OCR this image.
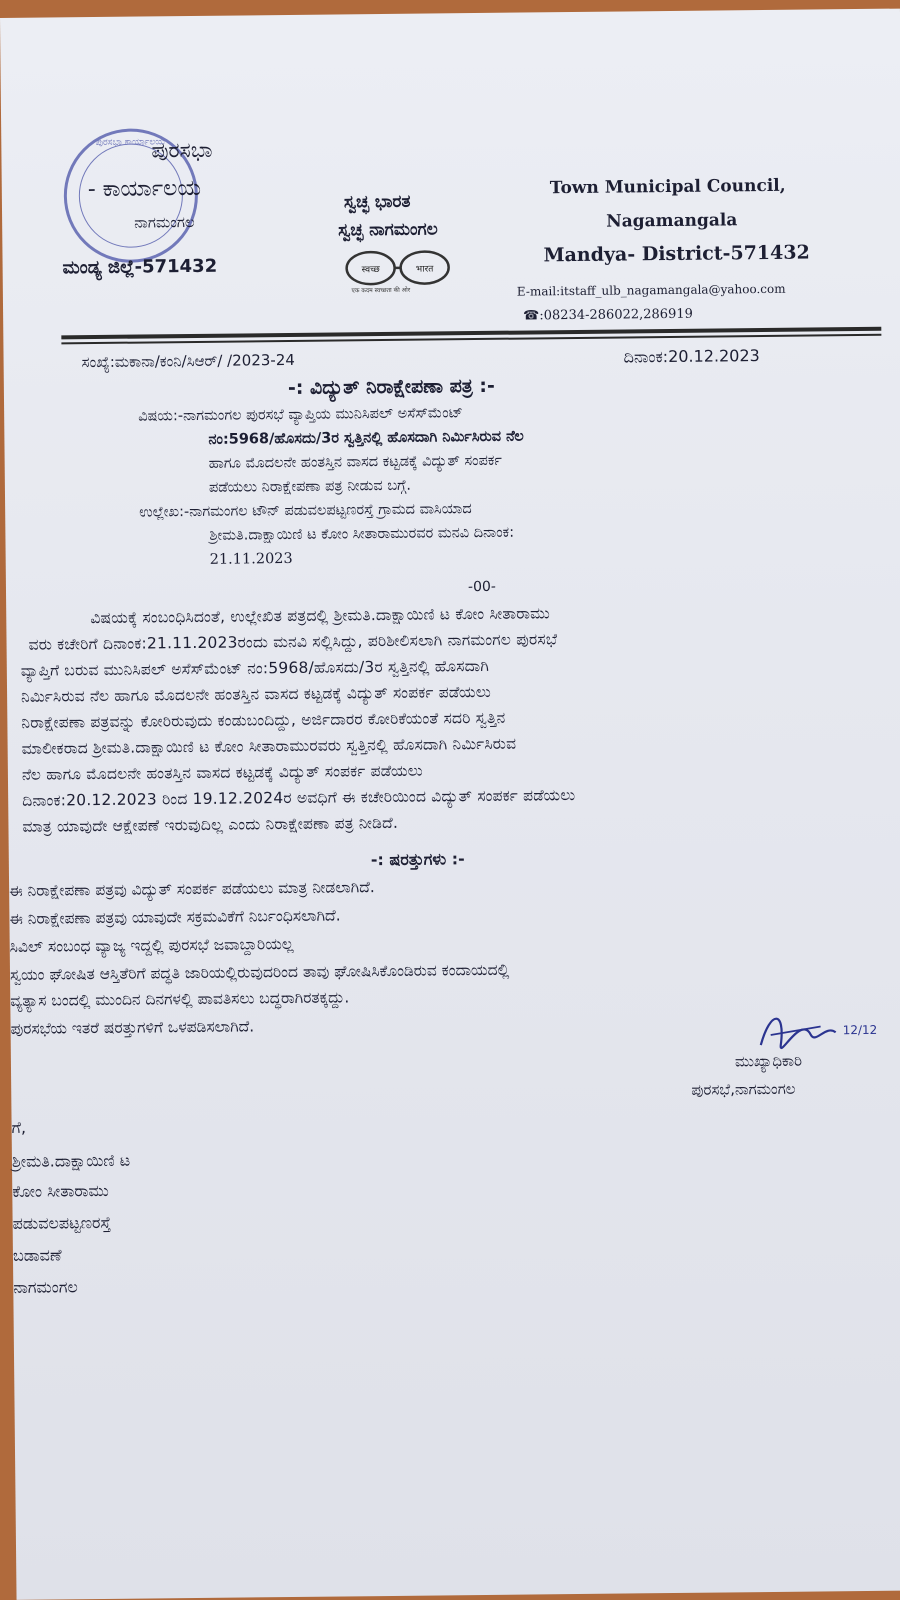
ಪುರಸಭಾ ಕಾರ್ಯಾಲಯ
ಪುರಸಭಾ
- ಕಾರ್ಯಾಲಯ
ನಾಗಮಂಗಲ
ಮಂಡ್ಯ ಜಿಲ್ಲೆ-571432
ಸ್ವಚ್ಛ ಭಾರತ
ಸ್ವಚ್ಛ ನಾಗಮಂಗಲ
स्वच्छ	भारत
एक कदम स्वच्छता की ओर
Town Municipal Council,
Nagamangala
Mandya- District-571432
E-mail:itstaff_ulb_nagamangala@yahoo.com
☎:08234-286022,286919
ಸಂಖ್ಯೆ:ಮಕಾನಾ/ಕಂನಿ/ಸಿಆರ್/ /2023-24	ದಿನಾಂಕ:20.12.2023
-: ವಿದ್ಯುತ್ ನಿರಾಕ್ಷೇಪಣಾ ಪತ್ರ :-
ವಿಷಯ:-ನಾಗಮಂಗಲ ಪುರಸಭೆ ವ್ಯಾಪ್ತಿಯ ಮುನಿಸಿಪಲ್ ಅಸೆಸ್‌ಮೆಂಟ್
ನಂ:5968/ಹೊಸದು/3ರ ಸ್ವತ್ತಿನಲ್ಲಿ ಹೊಸದಾಗಿ ನಿರ್ಮಿಸಿರುವ ನೆಲ
ಹಾಗೂ ಮೊದಲನೇ ಹಂತಸ್ತಿನ ವಾಸದ ಕಟ್ಟಡಕ್ಕೆ ವಿದ್ಯುತ್ ಸಂಪರ್ಕ
ಪಡೆಯಲು ನಿರಾಕ್ಷೇಪಣಾ ಪತ್ರ ನೀಡುವ ಬಗ್ಗೆ.
ಉಲ್ಲೇಖ:-ನಾಗಮಂಗಲ ಟೌನ್ ಪಡುವಲಪಟ್ಟಣರಸ್ತೆ ಗ್ರಾಮದ ವಾಸಿಯಾದ
ಶ್ರೀಮತಿ.ದಾಕ್ಷಾಯಿಣಿ ಟ ಕೋಂ ಸೀತಾರಾಮುರವರ ಮನವಿ ದಿನಾಂಕ:
21.11.2023
-00-
ವಿಷಯಕ್ಕೆ ಸಂಬಂಧಿಸಿದಂತೆ, ಉಲ್ಲೇಖಿತ ಪತ್ರದಲ್ಲಿ ಶ್ರೀಮತಿ.ದಾಕ್ಷಾಯಿಣಿ ಟ ಕೋಂ ಸೀತಾರಾಮು
ವರು ಕಚೇರಿಗೆ ದಿನಾಂಕ:21.11.2023ರಂದು ಮನವಿ ಸಲ್ಲಿಸಿದ್ದು, ಪರಿಶೀಲಿಸಲಾಗಿ ನಾಗಮಂಗಲ ಪುರಸಭೆ
ವ್ಯಾಪ್ತಿಗೆ ಬರುವ ಮುನಿಸಿಪಲ್ ಅಸೆಸ್‌ಮೆಂಟ್ ನಂ:5968/ಹೊಸದು/3ರ ಸ್ವತ್ತಿನಲ್ಲಿ ಹೊಸದಾಗಿ
ನಿರ್ಮಿಸಿರುವ ನೆಲ ಹಾಗೂ ಮೊದಲನೇ ಹಂತಸ್ತಿನ ವಾಸದ ಕಟ್ಟಡಕ್ಕೆ ವಿದ್ಯುತ್ ಸಂಪರ್ಕ ಪಡೆಯಲು
ನಿರಾಕ್ಷೇಪಣಾ ಪತ್ರವನ್ನು ಕೋರಿರುವುದು ಕಂಡುಬಂದಿದ್ದು, ಅರ್ಜಿದಾರರ ಕೋರಿಕೆಯಂತೆ ಸದರಿ ಸ್ವತ್ತಿನ
ಮಾಲೀಕರಾದ ಶ್ರೀಮತಿ.ದಾಕ್ಷಾಯಿಣಿ ಟ ಕೋಂ ಸೀತಾರಾಮುರವರು ಸ್ವತ್ತಿನಲ್ಲಿ ಹೊಸದಾಗಿ ನಿರ್ಮಿಸಿರುವ
ನೆಲ ಹಾಗೂ ಮೊದಲನೇ ಹಂತಸ್ತಿನ ವಾಸದ ಕಟ್ಟಡಕ್ಕೆ ವಿದ್ಯುತ್ ಸಂಪರ್ಕ ಪಡೆಯಲು
ದಿನಾಂಕ:20.12.2023 ರಿಂದ 19.12.2024ರ ಅವಧಿಗೆ ಈ ಕಚೇರಿಯಿಂದ ವಿದ್ಯುತ್ ಸಂಪರ್ಕ ಪಡೆಯಲು
ಮಾತ್ರ ಯಾವುದೇ ಆಕ್ಷೇಪಣೆ ಇರುವುದಿಲ್ಲ ಎಂದು ನಿರಾಕ್ಷೇಪಣಾ ಪತ್ರ ನೀಡಿದೆ.
-: ಷರತ್ತುಗಳು :-
ಈ ನಿರಾಕ್ಷೇಪಣಾ ಪತ್ರವು ವಿದ್ಯುತ್ ಸಂಪರ್ಕ ಪಡೆಯಲು ಮಾತ್ರ ನೀಡಲಾಗಿದೆ.
ಈ ನಿರಾಕ್ಷೇಪಣಾ ಪತ್ರವು ಯಾವುದೇ ಸಕ್ರಮವಿಕೆಗೆ ನಿರ್ಬಂಧಿಸಲಾಗಿದೆ.
ಸಿವಿಲ್ ಸಂಬಂಧ ವ್ಯಾಜ್ಯ ಇದ್ದಲ್ಲಿ ಪುರಸಭೆ ಜವಾಬ್ದಾರಿಯಲ್ಲ
ಸ್ವಯಂ ಘೋಷಿತ ಆಸ್ತಿತೆರಿಗೆ ಪದ್ಧತಿ ಜಾರಿಯಲ್ಲಿರುವುದರಿಂದ ತಾವು ಘೋಷಿಸಿಕೊಂಡಿರುವ ಕಂದಾಯದಲ್ಲಿ
ವ್ಯತ್ಯಾಸ ಬಂದಲ್ಲಿ ಮುಂದಿನ ದಿನಗಳಲ್ಲಿ ಪಾವತಿಸಲು ಬದ್ಧರಾಗಿರತಕ್ಕದ್ದು.
ಪುರಸಭೆಯ ಇತರೆ ಷರತ್ತುಗಳಿಗೆ ಒಳಪಡಿಸಲಾಗಿದೆ.	12/12
ಮುಖ್ಯಾಧಿಕಾರಿ
ಪುರಸಭೆ,ನಾಗಮಂಗಲ
ಗೆ,
ಶ್ರೀಮತಿ.ದಾಕ್ಷಾಯಿಣಿ ಟ
ಕೋಂ ಸೀತಾರಾಮು
ಪಡುವಲಪಟ್ಟಣರಸ್ತೆ
ಬಡಾವಣೆ
ನಾಗಮಂಗಲ
